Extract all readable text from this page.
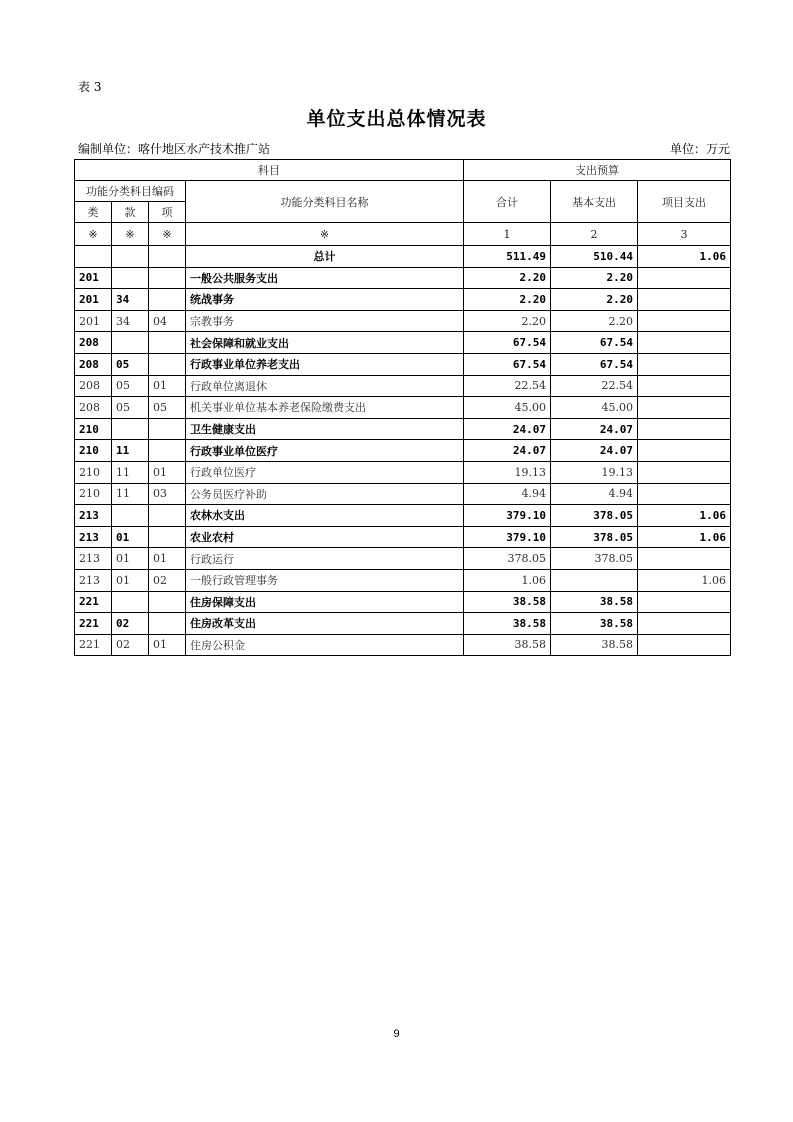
表 3
单位支出总体情况表
编制单位：喀什地区水产技术推广站	单位：万元
科目				支出预算		
功能分类科目编码			功能分类科目名称	合计	基本支出	项目支出
类	款	项				
※	※	※	※	1	2	3
			总计	511.49	510.44	1.06
201			一般公共服务支出	2.20	2.20	
201	34		统战事务	2.20	2.20	
201	34	04	宗教事务	2.20	2.20	
208			社会保障和就业支出	67.54	67.54	
208	05		行政事业单位养老支出	67.54	67.54	
208	05	01	行政单位离退休	22.54	22.54	
208	05	05	机关事业单位基本养老保险缴费支出	45.00	45.00	
210			卫生健康支出	24.07	24.07	
210	11		行政事业单位医疗	24.07	24.07	
210	11	01	行政单位医疗	19.13	19.13	
210	11	03	公务员医疗补助	4.94	4.94	
213			农林水支出	379.10	378.05	1.06
213	01		农业农村	379.10	378.05	1.06
213	01	01	行政运行	378.05	378.05	
213	01	02	一般行政管理事务	1.06		1.06
221			住房保障支出	38.58	38.58	
221	02		住房改革支出	38.58	38.58	
221	02	01	住房公积金	38.58	38.58	
9
